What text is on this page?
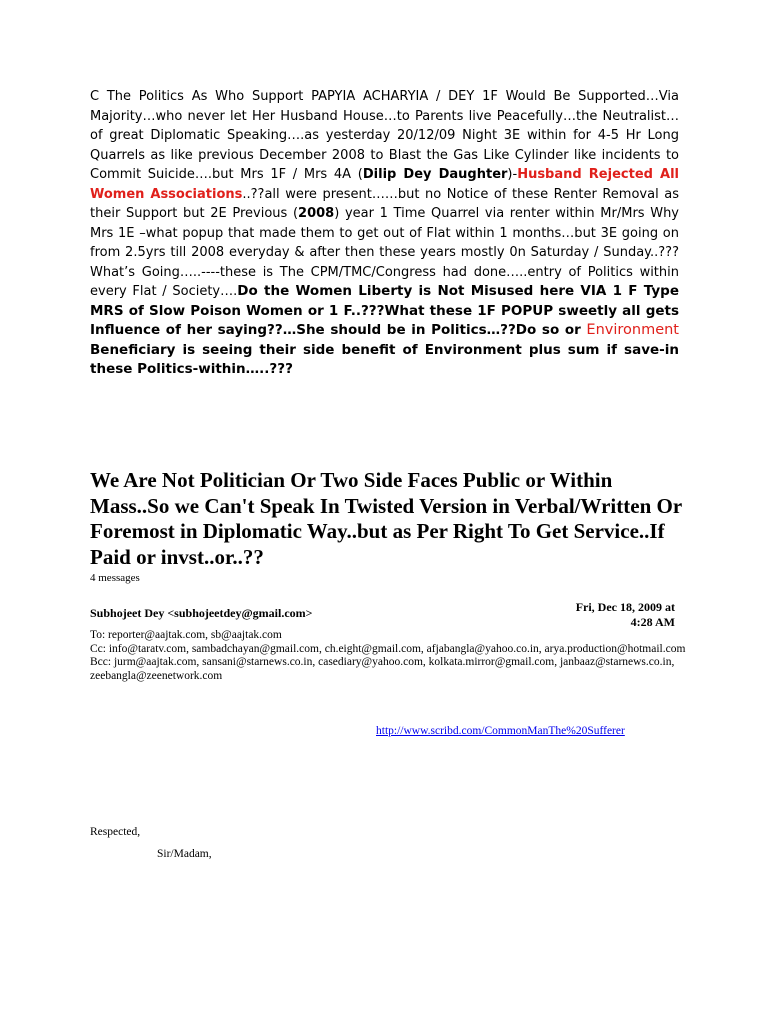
C The Politics As Who Support PAPYIA ACHARYIA / DEY 1F Would Be Supported…Via Majority…who never let Her Husband House…to Parents live Peacefully…the Neutralist…of great Diplomatic Speaking….as yesterday 20/12/09 Night 3E within for 4-5 Hr Long Quarrels as like previous December 2008 to Blast the Gas Like Cylinder like incidents to Commit Suicide….but Mrs 1F / Mrs 4A (Dilip Dey Daughter)-Husband Rejected All Women Associations..??all were present……but no Notice of these Renter Removal as their Support but 2E Previous (2008) year 1 Time Quarrel via renter within Mr/Mrs Why Mrs 1E –what popup that made them to get out of Flat within 1 months…but 3E going on from 2.5yrs till 2008 everyday & after then these years mostly 0n Saturday / Sunday..???What’s Going…..----these is The CPM/TMC/Congress had done…..entry of Politics within every Flat / Society….Do the Women Liberty is Not Misused here VIA 1 F Type MRS of Slow Poison Women or 1 F..???What these 1F POPUP sweetly all gets Influence of her saying??…She should be in Politics…??Do so or Environment Beneficiary is seeing their side benefit of Environment plus sum if save-in these Politics-within…..???

We Are Not Politician Or Two Side Faces Public or Within Mass..So we Can't Speak In Twisted Version in Verbal/Written Or Foremost in Diplomatic Way..but as Per Right To Get Service..If Paid or invst..or..??
4 messages
Subhojeet Dey <subhojeetdey@gmail.com>	Fri, Dec 18, 2009 at
4:28 AM
To: reporter@aajtak.com, sb@aajtak.com
Cc: info@taratv.com, sambadchayan@gmail.com, ch.eight@gmail.com, afjabangla@yahoo.co.in, arya.production@hotmail.com
Bcc: jurm@aajtak.com, sansani@starnews.co.in, casediary@yahoo.com, kolkata.mirror@gmail.com, janbaaz@starnews.co.in, zeebangla@zeenetwork.com
http://www.scribd.com/CommonManThe%20Sufferer
Respected,
Sir/Madam,
